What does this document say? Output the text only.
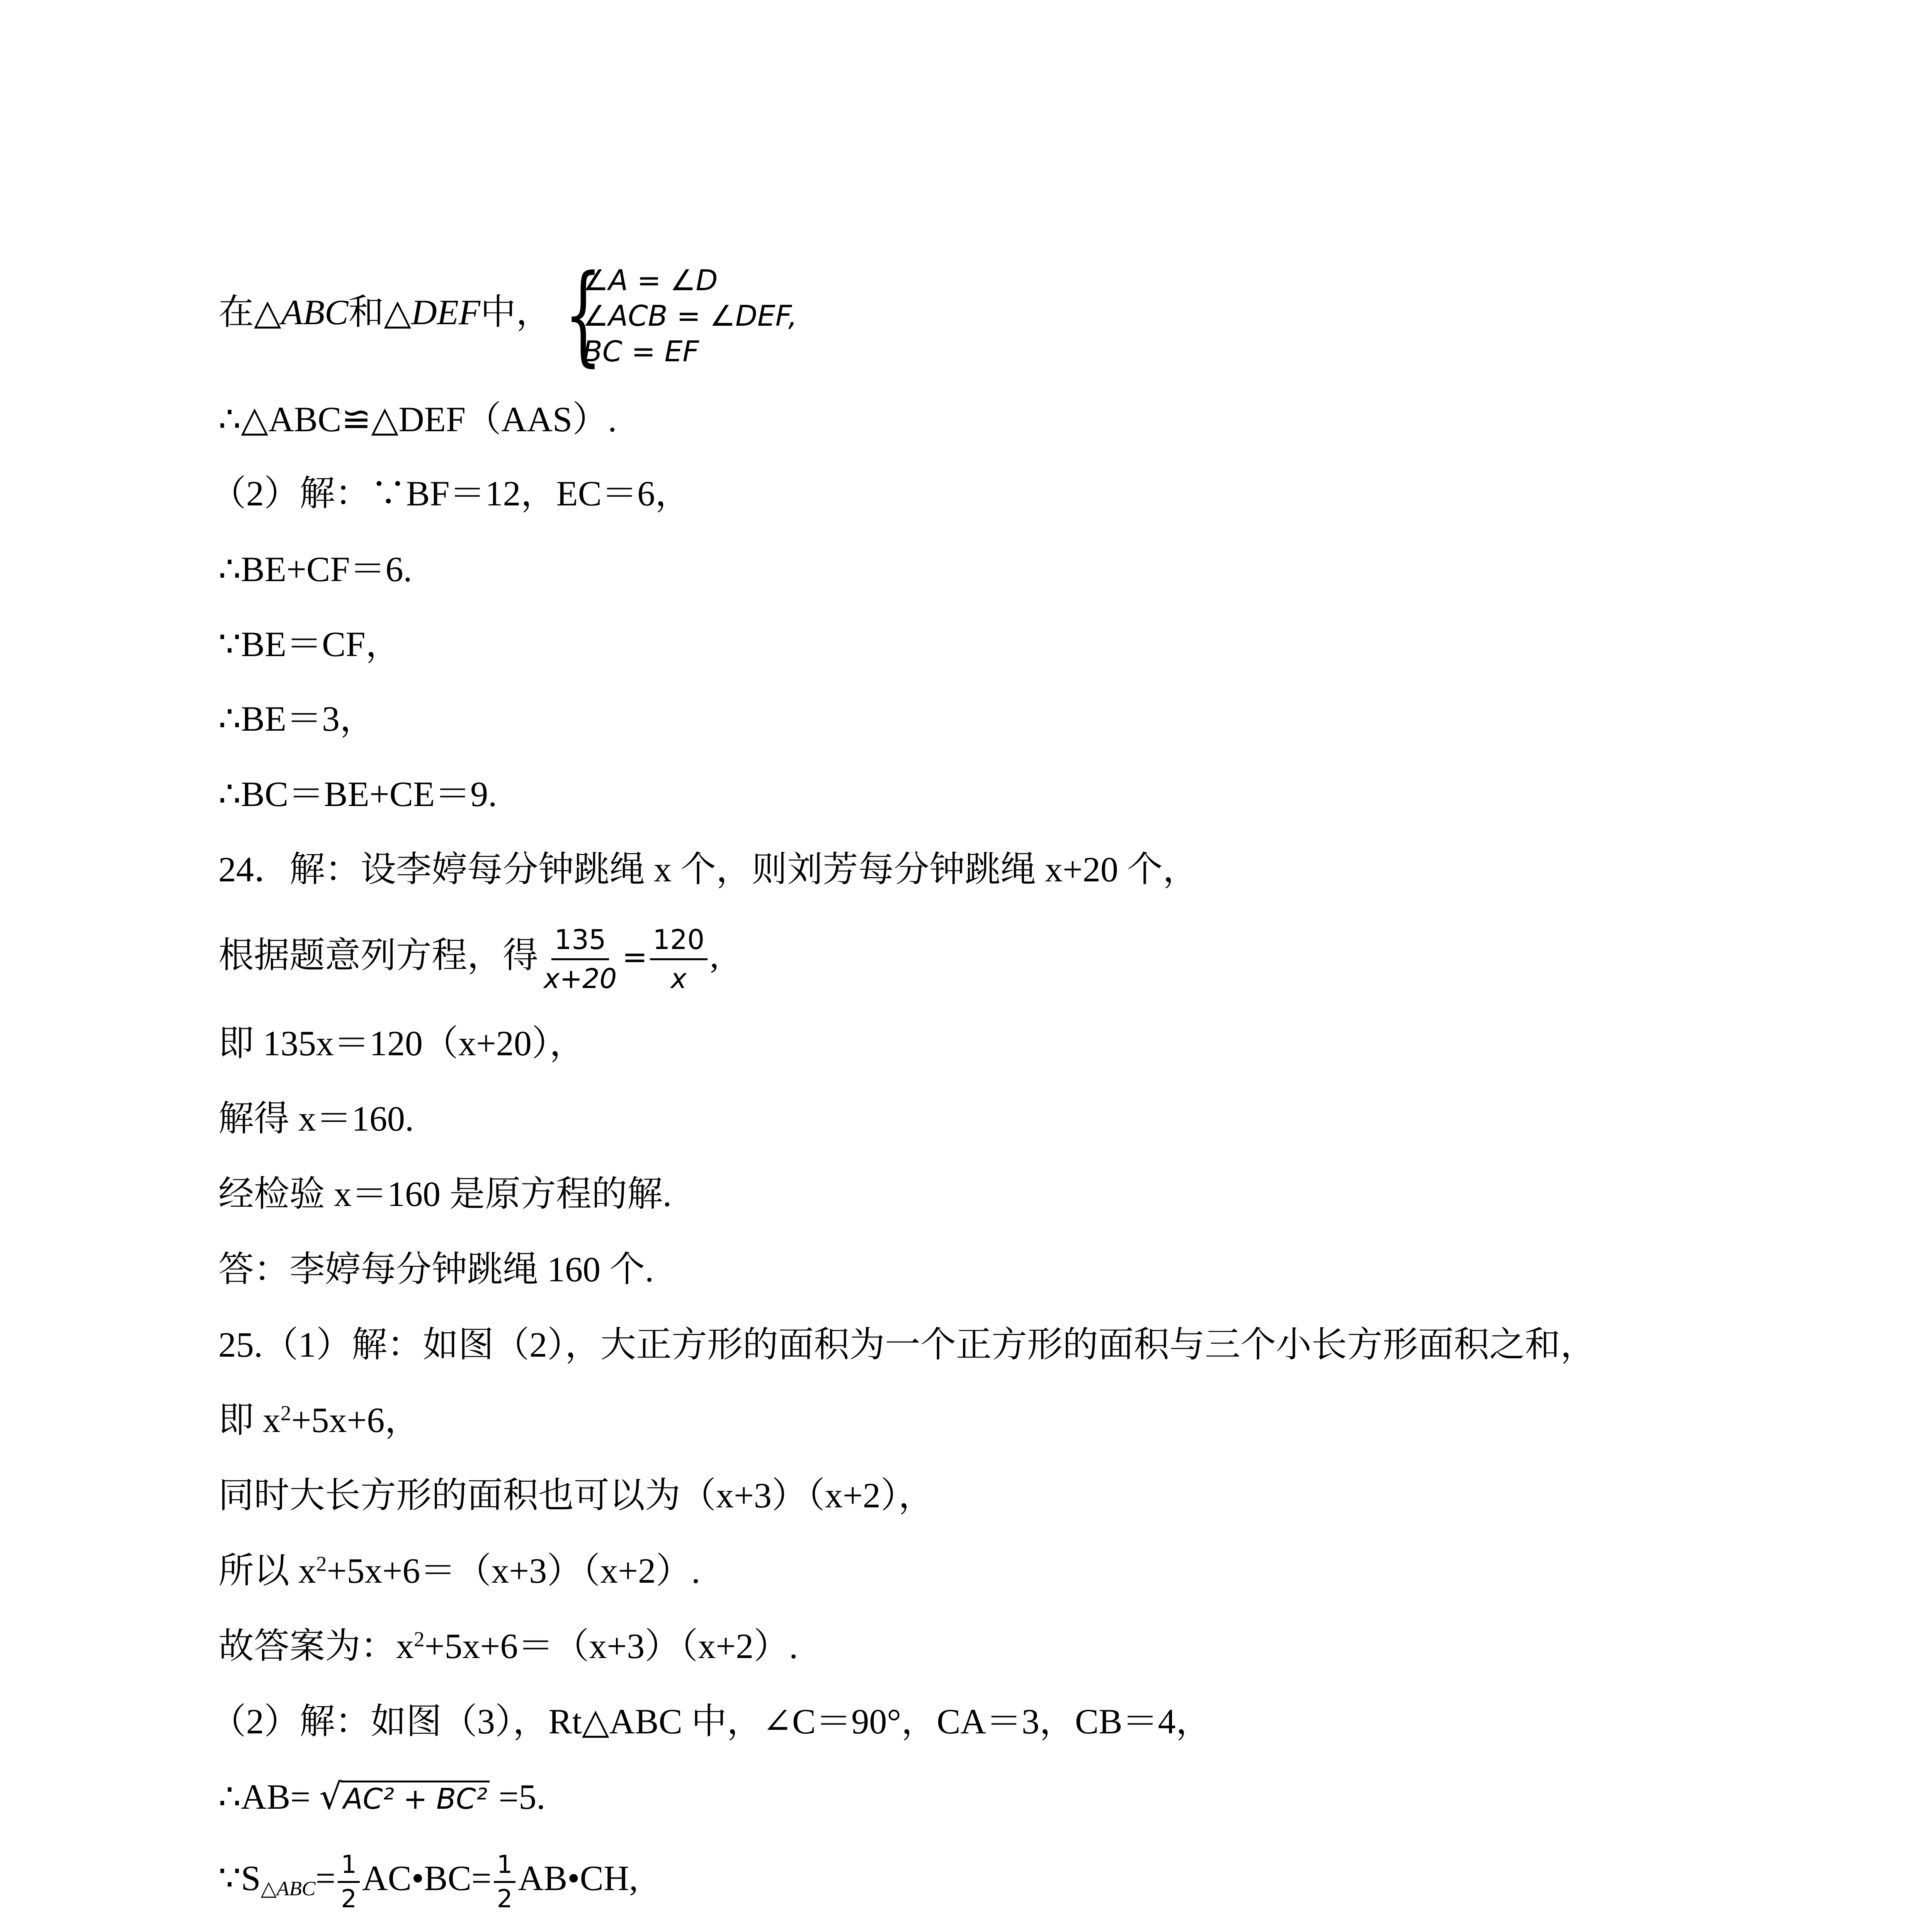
在△ABC和△DEF中， {
∠A = ∠D
∠ACB = ∠DEF,
BC = EF
∴△ABC≌△DEF（AAS）.
（2）解：∵BF＝12，EC＝6，
∴BE+CF＝6.
∵BE＝CF，
∴BE＝3，
∴BC＝BE+CE＝9.
24．解：设李婷每分钟跳绳 x 个，则刘芳每分钟跳绳 x+20 个，
根据题意列方程，得 $\frac{135}{x+20} = \frac{120}{x}$ ,
即 135x＝120（x+20），
解得 x＝160.
经检验 x＝160 是原方程的解.
答：李婷每分钟跳绳 160 个.
25.（1）解：如图（2），大正方形的面积为一个正方形的面积与三个小长方形面积之和，
即 $x^2+5x+6$，
同时大长方形的面积也可以为（x+3）（x+2），
所以 $x^2+5x+6=(x+3)(x+2)$.
故答案为：$x^2+5x+6=(x+3)(x+2)$.
（2）解：如图（3），Rt△ABC 中，∠C＝90°，CA＝3，CB＝4，
∴AB= √ AC² + BC² =5.
$\because S_{\triangle ABC}= \frac{1}{2}$ AC•BC= $\frac{1}{2}$ AB•CH,
